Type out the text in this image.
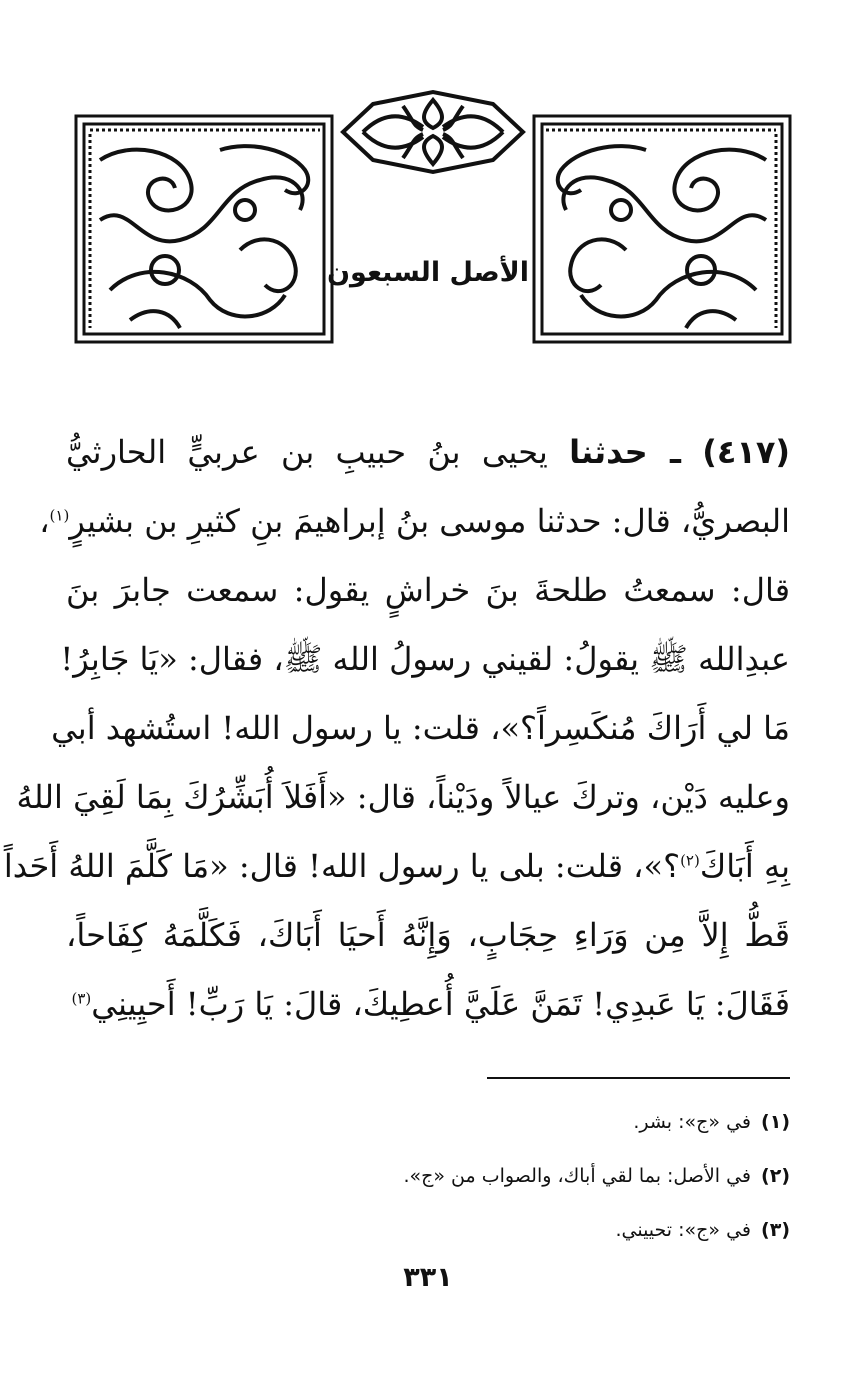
الأصل السبعون
(٤١٧) ـ حدثنا يحيى بنُ حبيبِ بن عربيٍّ الحارثيُّ
البصريُّ، قال: حدثنا موسى بنُ إبراهيمَ بنِ كثيرِ بن بشيرٍ$^{(١)}$،
قال: سمعتُ طلحةَ بنَ خراشٍ يقول: سمعت جابرَ بنَ
عبدِالله ﷺ يقولُ: لقيني رسولُ الله ﷺ، فقال: «يَا جَابِرُ!
مَا لي أَرَاكَ مُنكَسِراً؟»، قلت: يا رسول الله! استُشهد أبي
وعليه دَيْن، وتركَ عيالاً ودَيْناً، قال: «أَفَلاَ أُبَشِّرُكَ بِمَا لَقِيَ اللهُ
بِهِ أَبَاكَ$^{(٢)}$؟»، قلت: بلى يا رسول الله! قال: «مَا كَلَّمَ اللهُ أَحَداً
قَطُّ إِلاَّ مِن وَرَاءِ حِجَابٍ، وَإِنَّهُ أَحيَا أَبَاكَ، فَكَلَّمَهُ كِفَاحاً،
فَقَالَ: يَا عَبدِي! تَمَنَّ عَلَيَّ أُعطِيكَ، قالَ: يَا رَبِّ! أَحيِينِي$^{(٣)}$
(١)في «ج»: بشر.
(٢)في الأصل: بما لقي أباك، والصواب من «ج».
(٣)في «ج»: تحييني.
٣٣١
